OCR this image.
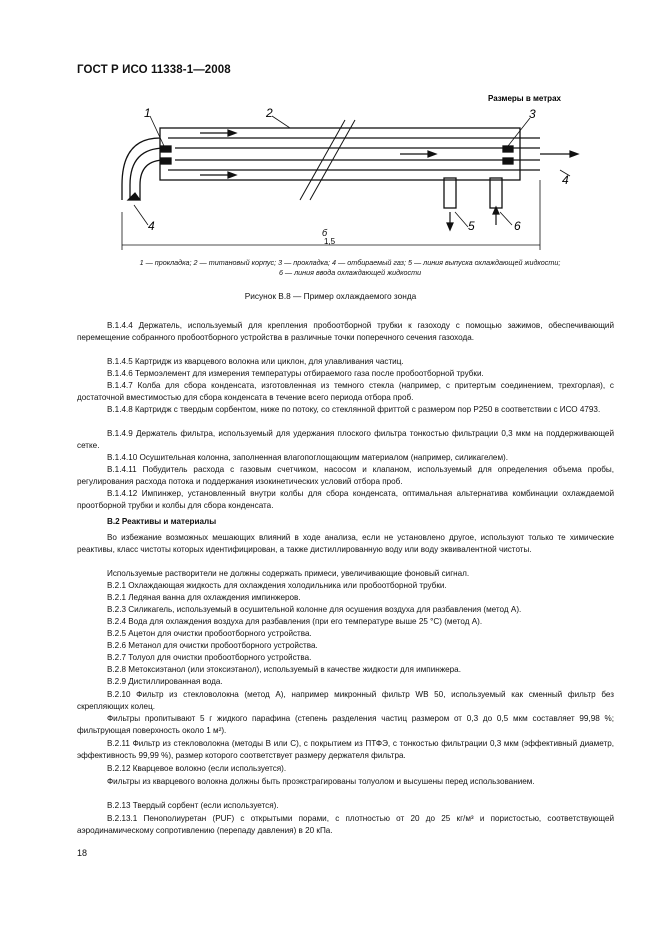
ГОСТ Р ИСО 11338-1—2008
Размеры в метрах
1	2	3
4
4	5	6
б
1,5
1 — прокладка; 2 — титановый корпус; 3 — прокладка; 4 — отбираемый газ; 5 — линия выпуска охлаждающей жидкости;
6 — линия ввода охлаждающей жидкости
Рисунок В.8 — Пример охлаждаемого зонда
В.1.4.4 Держатель, используемый для крепления пробоотборной трубки к газоходу с помощью зажимов, обеспечивающий перемещение собранного пробоотборного устройства в различные точки поперечного сечения газохода.
В.1.4.5 Картридж из кварцевого волокна или циклон, для улавливания частиц.
В.1.4.6 Термоэлемент для измерения температуры отбираемого газа после пробоотборной трубки.
В.1.4.7 Колба для сбора конденсата, изготовленная из темного стекла (например, с притертым соединением, трехгорлая), с достаточной вместимостью для сбора конденсата в течение всего периода отбора проб.
В.1.4.8 Картридж с твердым сорбентом, ниже по потоку, со стеклянной фриттой с размером пор Р250 в соответствии с ИСО 4793.
В.1.4.9 Держатель фильтра, используемый для удержания плоского фильтра тонкостью фильтрации 0,3 мкм на поддерживающей сетке.
В.1.4.10 Осушительная колонна, заполненная влагопоглощающим материалом (например, силикагелем).
В.1.4.11 Побудитель расхода с газовым счетчиком, насосом и клапаном, используемый для определения объема пробы, регулирования расхода потока и поддержания изокинетических условий отбора проб.
В.1.4.12 Импинжер, установленный внутри колбы для сбора конденсата, оптимальная альтернатива комбинации охлаждаемой проотборной трубки и колбы для сбора конденсата.
В.2 Реактивы и материалы
Во избежание возможных мешающих влияний в ходе анализа, если не установлено другое, используют только те химические реактивы, класс чистоты которых идентифицирован, а также дистиллированную воду или воду эквивалентной чистоты.
Используемые растворители не должны содержать примеси, увеличивающие фоновый сигнал.
В.2.1 Охлаждающая жидкость для охлаждения холодильника или пробоотборной трубки.
В.2.1 Ледяная ванна для охлаждения импинжеров.
В.2.3 Силикагель, используемый в осушительной колонне для осушения воздуха для разбавления (метод А).
В.2.4 Вода для охлаждения воздуха для разбавления (при его температуре выше 25 °С) (метод А).
В.2.5 Ацетон для очистки пробоотборного устройства.
В.2.6 Метанол для очистки пробоотборного устройства.
В.2.7 Толуол для очистки пробоотборного устройства.
В.2.8 Метоксиэтанол (или этоксиэтанол), используемый в качестве жидкости для импинжера.
В.2.9 Дистиллированная вода.
В.2.10 Фильтр из стекловолокна (метод А), например микронный фильтр WB 50, используемый как сменный фильтр без скрепляющих колец.
Фильтры пропитывают 5 г жидкого парафина (степень разделения частиц размером от 0,3 до 0,5 мкм составляет 99,98 %; фильтрующая поверхность около 1 м²).
В.2.11 Фильтр из стекловолокна (методы В или С), с покрытием из ПТФЭ, с тонкостью фильтрации 0,3 мкм (эффективный диаметр, эффективность 99,99 %), размер которого соответствует размеру держателя фильтра.
В.2.12 Кварцевое волокно (если используется).
Фильтры из кварцевого волокна должны быть проэкстрагированы толуолом и высушены перед использованием.
В.2.13 Твердый сорбент (если используется).
В.2.13.1 Пенополиуретан (PUF) с открытыми порами, с плотностью от 20 до 25 кг/м³ и пористостью, соответствующей аэродинамическому сопротивлению (перепаду давления) в 20 кПа.
18
